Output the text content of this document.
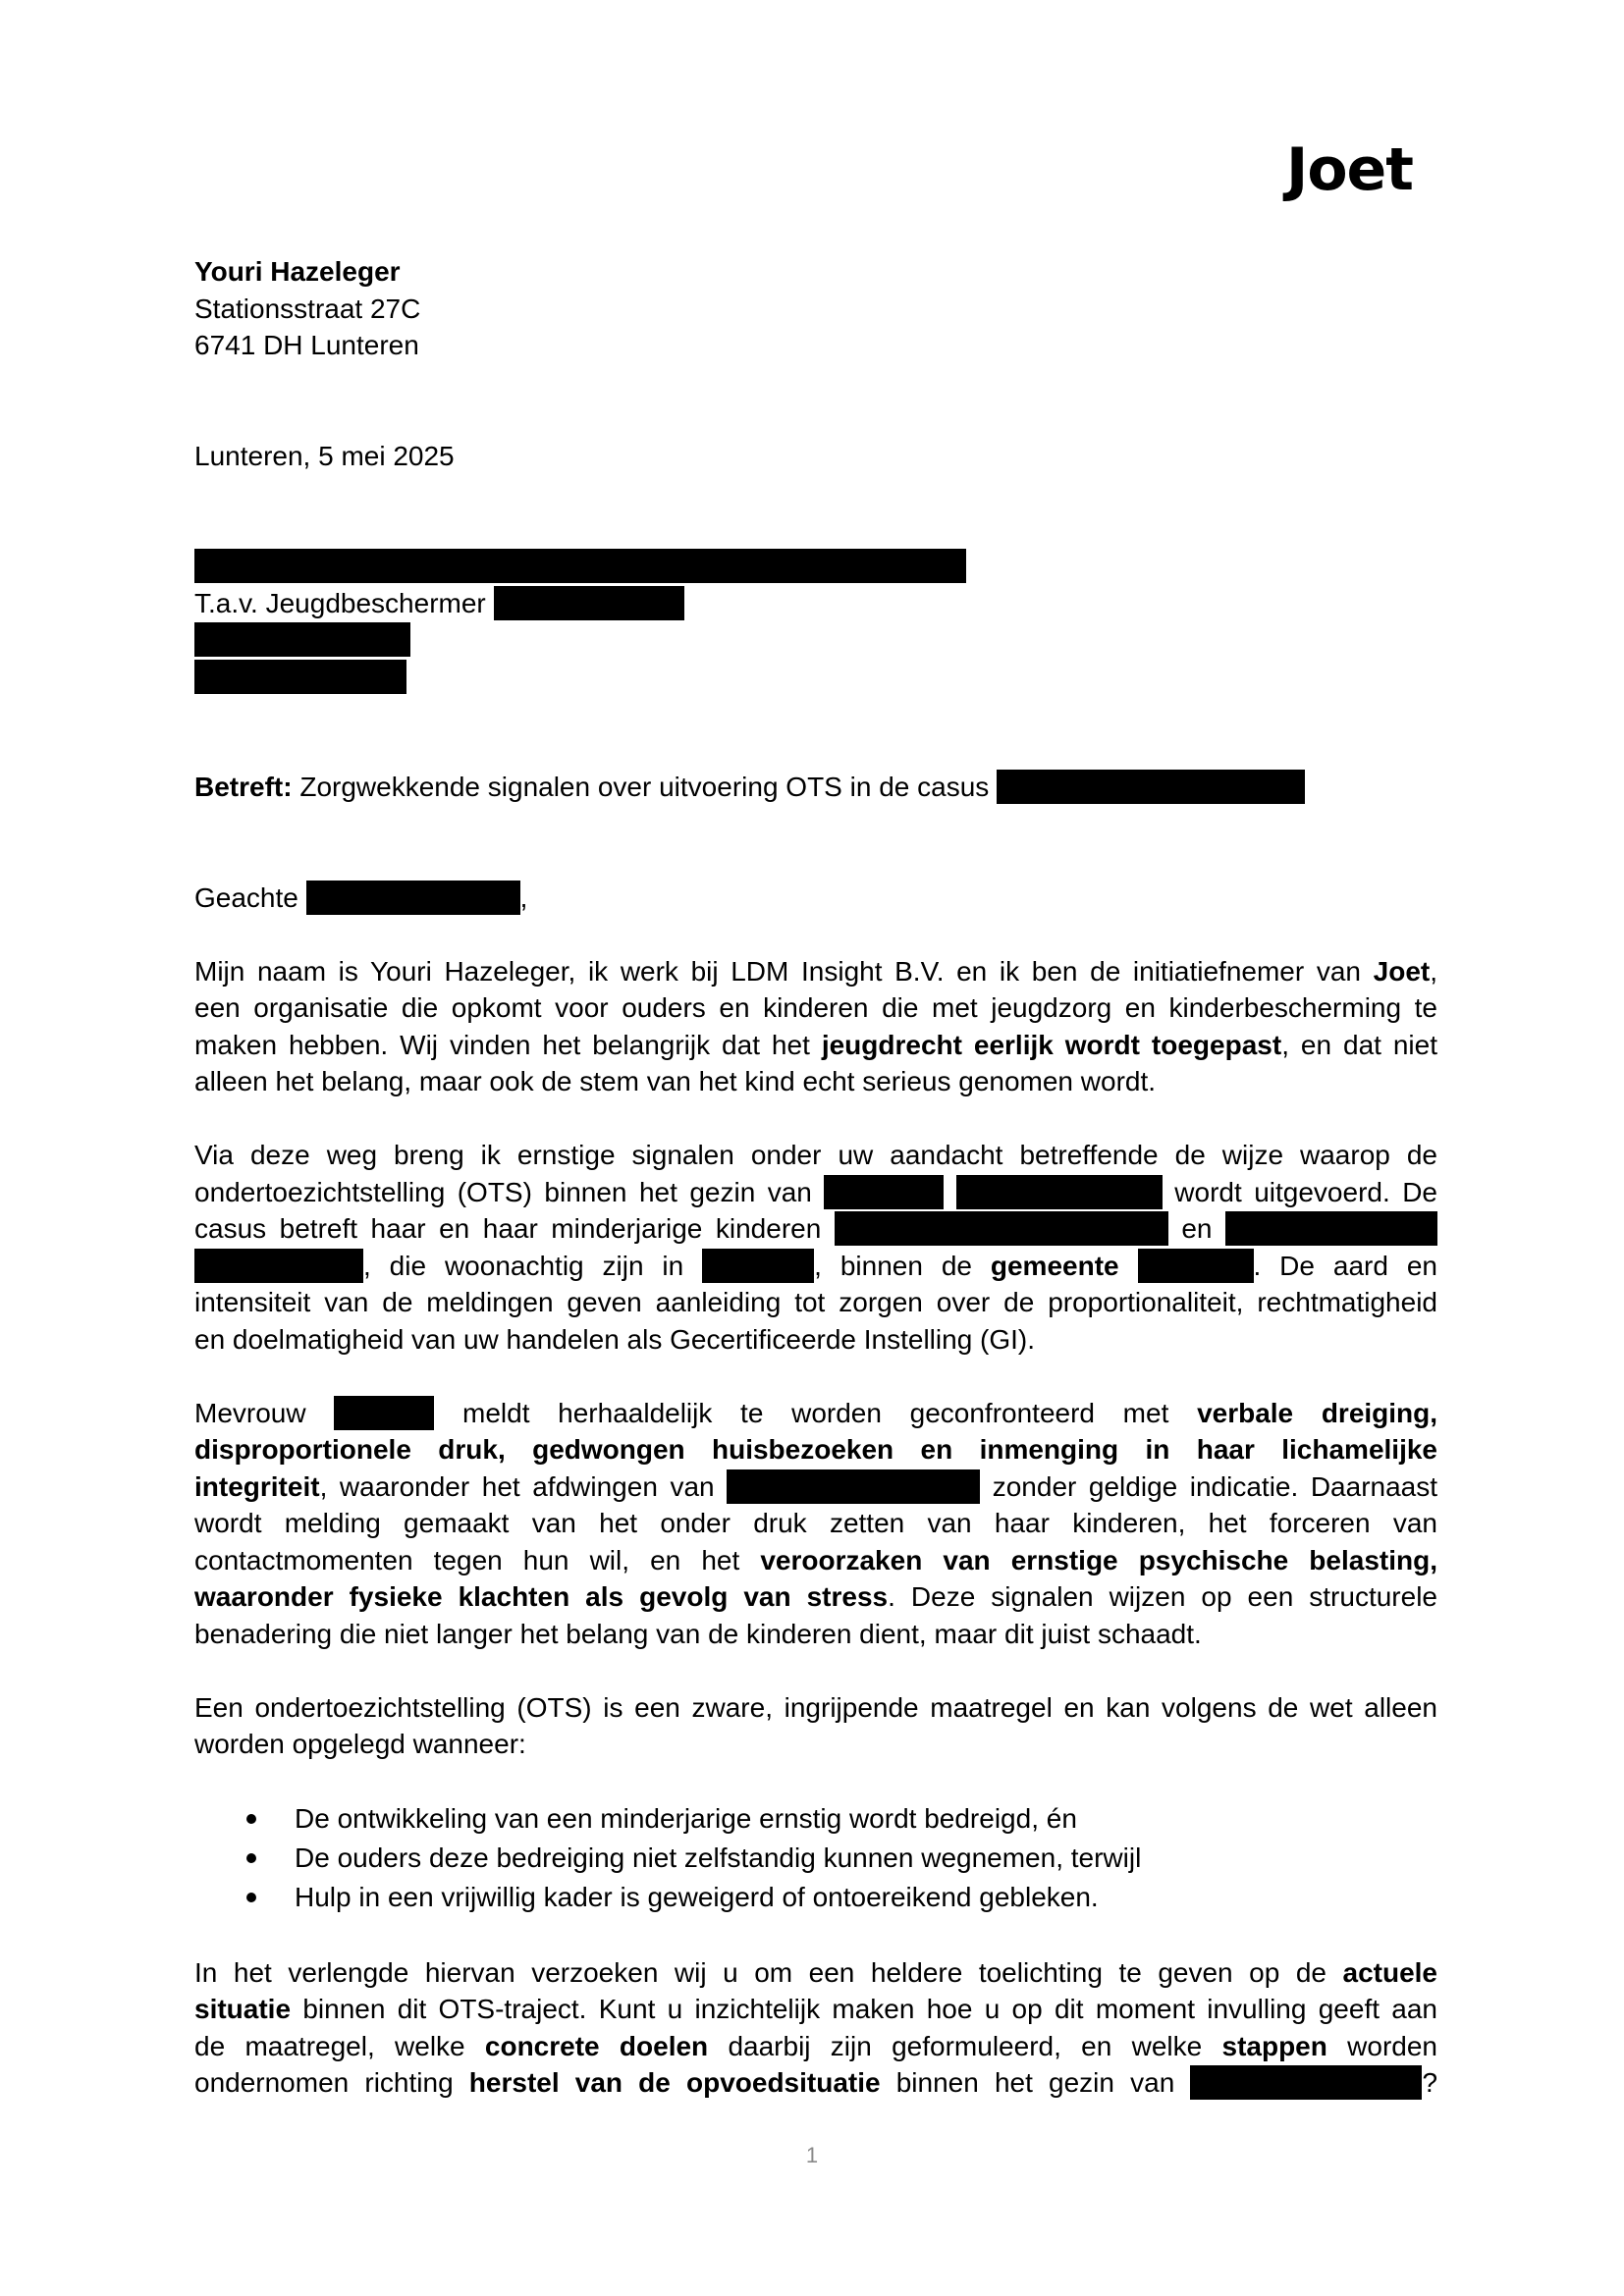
Joet
Youri Hazeleger
Stationsstraat 27C
6741 DH Lunteren
Lunteren, 5 mei 2025
T.a.v. Jeugdbeschermer
Betreft: Zorgwekkende signalen over uitvoering OTS in de casus
Geachte	,
Mijn naam is Youri Hazeleger, ik werk bij LDM Insight B.V. en ik ben de initiatiefnemer van Joet,
een organisatie die opkomt voor ouders en kinderen die met jeugdzorg en kinderbescherming te
maken hebben. Wij vinden het belangrijk dat het jeugdrecht eerlijk wordt toegepast, en dat niet
alleen het belang, maar ook de stem van het kind echt serieus genomen wordt.
Via deze weg breng ik ernstige signalen onder uw aandacht betreffende de wijze waarop de
ondertoezichtstelling (OTS) binnen het gezin van	wordt uitgevoerd. De
casus betreft haar en haar minderjarige kinderen	en
, die woonachtig zijn in	, binnen de gemeente	. De aard en
intensiteit van de meldingen geven aanleiding tot zorgen over de proportionaliteit, rechtmatigheid
en doelmatigheid van uw handelen als Gecertificeerde Instelling (GI).
Mevrouw	meldt herhaaldelijk te worden geconfronteerd met verbale dreiging,
disproportionele druk, gedwongen huisbezoeken en inmenging in haar lichamelijke
integriteit, waaronder het afdwingen van	zonder geldige indicatie. Daarnaast
wordt melding gemaakt van het onder druk zetten van haar kinderen, het forceren van
contactmomenten tegen hun wil, en het veroorzaken van ernstige psychische belasting,
waaronder fysieke klachten als gevolg van stress. Deze signalen wijzen op een structurele
benadering die niet langer het belang van de kinderen dient, maar dit juist schaadt.
Een ondertoezichtstelling (OTS) is een zware, ingrijpende maatregel en kan volgens de wet alleen
worden opgelegd wanneer:
De ontwikkeling van een minderjarige ernstig wordt bedreigd, én
De ouders deze bedreiging niet zelfstandig kunnen wegnemen, terwijl
Hulp in een vrijwillig kader is geweigerd of ontoereikend gebleken.
In het verlengde hiervan verzoeken wij u om een heldere toelichting te geven op de actuele
situatie binnen dit OTS-traject. Kunt u inzichtelijk maken hoe u op dit moment invulling geeft aan
de maatregel, welke concrete doelen daarbij zijn geformuleerd, en welke stappen worden
ondernomen richting herstel van de opvoedsituatie binnen het gezin van	?
1
